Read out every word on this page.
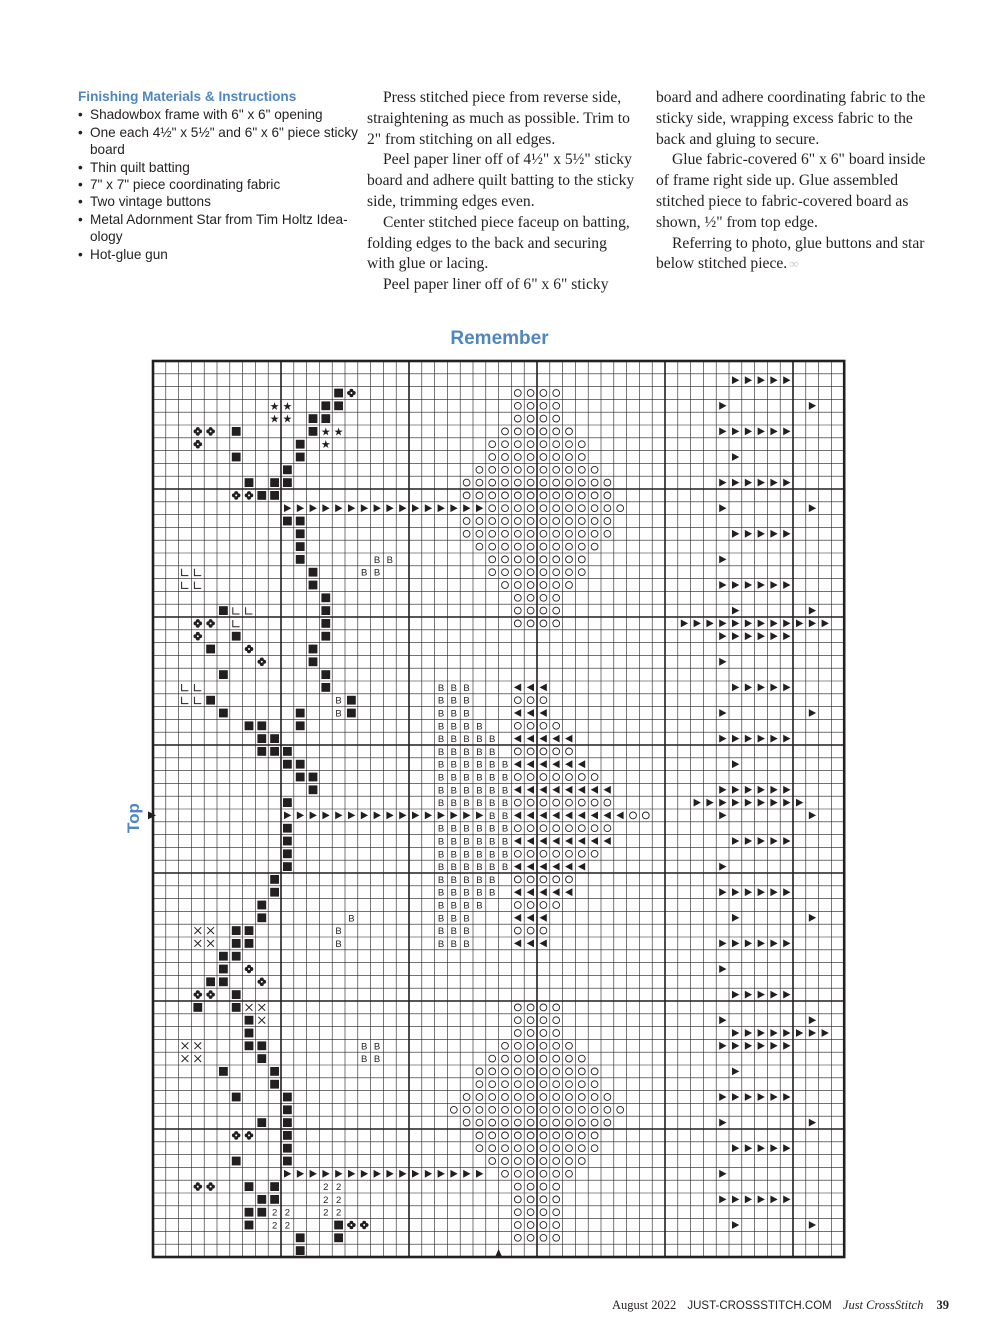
Finishing Materials & Instructions
• Shadowbox frame with 6" x 6" opening
• One each 4½" x 5½" and 6" x 6" piece sticky board
• Thin quilt batting
• 7" x 7" piece coordinating fabric
• Two vintage buttons
• Metal Adornment Star from Tim Holtz Idea-ology
• Hot-glue gun

Press stitched piece from reverse side, straightening as much as possible. Trim to 2" from stitching on all edges.

Peel paper liner off of 4½" x 5½" sticky board and adhere quilt batting to the sticky side, trimming edges even.

Center stitched piece faceup on batting, folding edges to the back and securing with glue or lacing.

Peel paper liner off of 6" x 6" sticky

board and adhere coordinating fabric to the sticky side, wrapping excess fabric to the back and gluing to secure.

Glue fabric-covered 6" x 6" board inside of frame right side up. Glue assembled stitched piece to fabric-covered board as shown, ½" from top edge.

Referring to photo, glue buttons and star below stitched piece. ∞

Remember
Top
B B B
B B B
B B B
B B B B
B B B B B
B B B B B
B B B B B B
B B B B B B
B B B B B B
B B B B B B
B B
B B B B B B
B B B B B B
B B B B B B
B B B B B B
B B B B B
B B B B B
B B B B
B B B
B B B
B B B
★ ★
★ ★
★ ★
★
2 2
2 2
2 2
2 2
2 2
B
B
B
B
B B
B B
B
B
B
B
B
August 2022 JUST-CROSSSTITCH.COM Just CrossStitch 39
